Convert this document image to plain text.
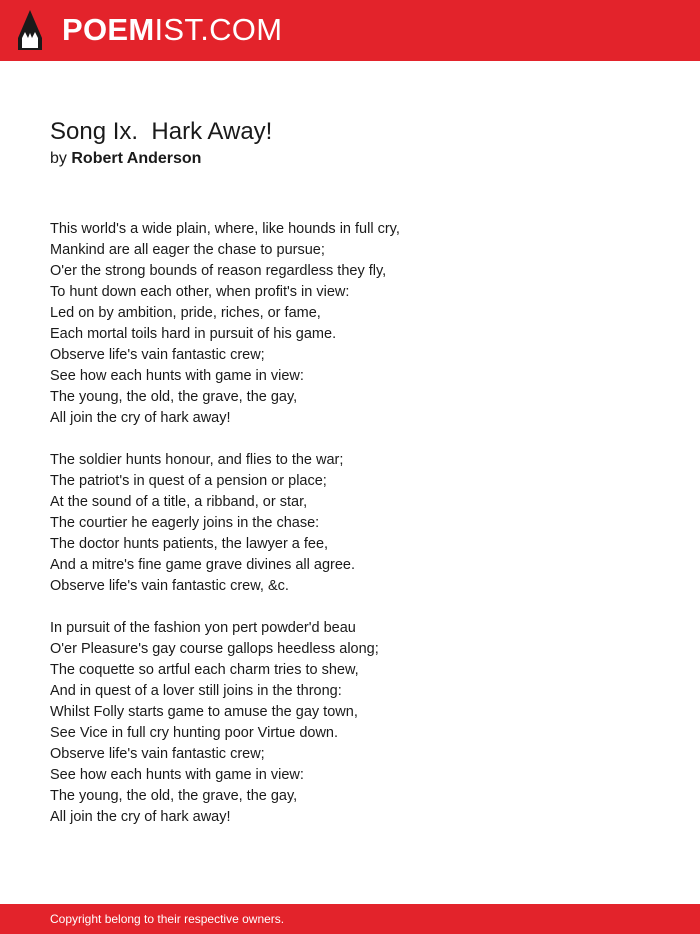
POEMIST.COM
Song Ix.  Hark Away!
by Robert Anderson
This world's a wide plain, where, like hounds in full cry,
Mankind are all eager the chase to pursue;
O'er the strong bounds of reason regardless they fly,
To hunt down each other, when profit's in view:
Led on by ambition, pride, riches, or fame,
Each mortal toils hard in pursuit of his game.
Observe life's vain fantastic crew;
See how each hunts with game in view:
The young, the old, the grave, the gay,
All join the cry of hark away!
The soldier hunts honour, and flies to the war;
The patriot's in quest of a pension or place;
At the sound of a title, a ribband, or star,
The courtier he eagerly joins in the chase:
The doctor hunts patients, the lawyer a fee,
And a mitre's fine game grave divines all agree.
Observe life's vain fantastic crew, &c.
In pursuit of the fashion yon pert powder'd beau
O'er Pleasure's gay course gallops heedless along;
The coquette so artful each charm tries to shew,
And in quest of a lover still joins in the throng:
Whilst Folly starts game to amuse the gay town,
See Vice in full cry hunting poor Virtue down.
Observe life's vain fantastic crew;
See how each hunts with game in view:
The young, the old, the grave, the gay,
All join the cry of hark away!
Copyright belong to their respective owners.
